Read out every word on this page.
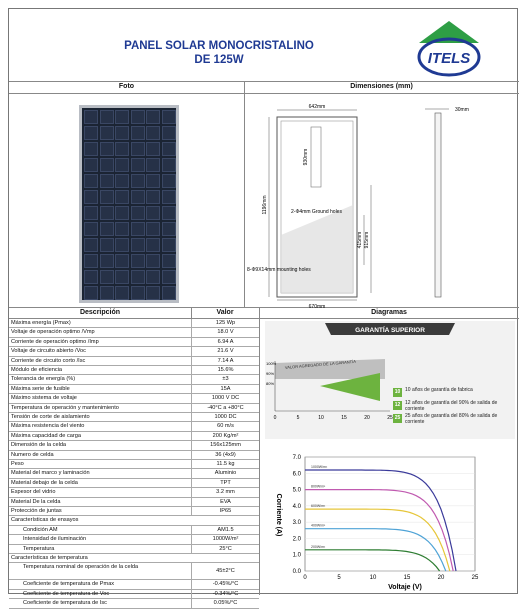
PANEL SOLAR MONOCRISTALINO
DE 125W	ITELS
Foto	Dimensiones (mm)
Descripción	Valor	Diagramas
642mm
670mm
1196mm
930mm
415mm 915mm
30mm
2-Φ4mm Ground holes
8-Φ9X14mm mounting holes
Máxima energía (Pmax)	125 Wp
Voltaje de operación optimo /Vmp	18.0 V
Corriente de operación optimo /Imp	6.94 A
Voltaje de circuito abierto /Voc	21.6 V
Corriente de circuito corto /Isc	7.14 A
Módulo de eficiencia	15.6%
Tolerancia de energía (%)	±3
Máxima serie de fusible	15A
Máximo sistema de voltaje	1000 V DC
Temperatura de operación y mantenimiento	-40°C a +80°C
Tensión de corte de aislamiento	1000 DC
Máxima resistencia del viento	60 m/s
Máxima capacidad de carga	200 Kg/m²
Dimensión de la celda	156x125mm
Numero de celda	36 (4x9)
Peso	11.5 kg
Material del marco y laminación	Aluminio
Material debajo de la celda	TPT
Espesor del vidrio	3.2 mm
Material De la celda	EVA
Protección de juntas	IP65
Características de ensayos
Condición AM	AM1.5
Intensidad de iluminación	1000W/m²
Temperatura	25°C
Características de temperatura
Temperatura nominal de operación de la celda
45±2°C
Coeficiente de temperatura de Pmax	-0.45%/°C
Coeficiente de temperatura de Voc	-0.34%/°C
Coeficiente de temperatura de Isc	0.05%/°C
GARANTÍA SUPERIOR
VALOR AGREGADO DE LA GARANTÍA
100%
90%
80%
0	5	10	15	20	25
10 10 años de garantía de fabrica
12 12 años de garantía del 90% de salida de corriente
25 25 años de garantía del 80% de salida de corriente
Voltaje (V)
Corriente (A)
0.0
1.0
2.0
3.0
4.0
5.0
6.0
7.0
0	5	10	15	20	25
1000W/m²
800W/m²
600W/m²
400W/m²
200W/m²
